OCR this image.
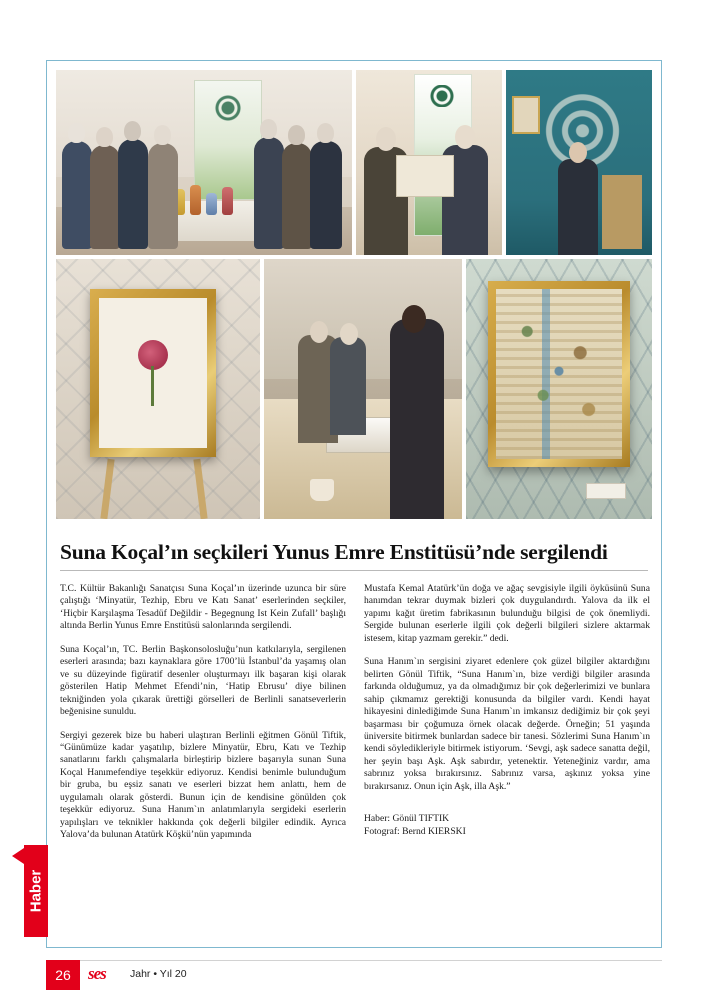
Suna Koçal’ın seçkileri Yunus Emre Enstitüsü’nde sergilendi

T.C. Kültür Bakanlığı Sanatçısı Suna Koçal’ın üzerinde uzunca bir süre çalıştığı ‘Minyatür, Tezhip, Ebru ve Katı Sanat’ eserlerinden seçkiler, ‘Hiçbir Karşılaşma Tesadüf Değildir - Begegnung Ist Kein Zufall’ başlığı altında Berlin Yunus Emre Enstitüsü salonlarında sergilendi.

Suna Koçal’ın, TC. Berlin Başkonsolosluğu’nun katkılarıyla, sergilenen eserleri arasında; bazı kaynaklara göre 1700’lü İstanbul’da yaşamış olan ve su düzeyinde figüratif desenler oluşturmayı ilk başaran kişi olarak gösterilen Hatip Mehmet Efendi’nin, ‘Hatip Ebrusu’ diye bilinen tekniğinden yola çıkarak ürettiği görselleri de Berlinli sanatseverlerin beğenisine sunuldu.

Sergiyi gezerek bize bu haberi ulaştıran Berlinli eğitmen Gönül Tiftik, “Günümüze kadar yaşatılıp, bizlere Minyatür, Ebru, Katı ve Tezhip sanatlarını farklı çalışmalarla birleştirip bizlere başarıyla sunan Suna Koçal Hanımefendiye teşekkür ediyoruz. Kendisi benimle bulunduğum bir gruba, bu eşsiz sanatı ve eserleri bizzat hem anlattı, hem de uygulamalı olarak gösterdi. Bunun için de kendisine gönülden çok teşekkür ediyoruz. Suna Hanım`ın anlatımlarıyla sergideki eserlerin yapılışları ve teknikler hakkında çok değerli bilgiler edindik. Ayrıca Yalova’da bulunan Atatürk Köşkü’nün yapımında

Mustafa Kemal Atatürk’ün doğa ve ağaç sevgisiyle ilgili öyküsünü Suna hanımdan tekrar duymak bizleri çok duygulandırdı. Yalova da ilk el yapımı kağıt üretim fabrikasının bulunduğu bilgisi de çok önemliydi. Sergide bulunan eserlerle ilgili çok değerli bilgileri sizlere aktarmak istesem, kitap yazmam gerekir.” dedi.

Suna Hanım`ın sergisini ziyaret edenlere çok güzel bilgiler aktardığını belirten Gönül Tiftik, “Suna Hanım`ın, bize verdiği bilgiler arasında farkında olduğumuz, ya da olmadığımız bir çok değerlerimizi ve bunlara sahip çıkmamız gerektiği konusunda da bilgiler vardı. Kendi hayat hikayesini dinlediğimde Suna Hanım`ın imkansız dediğimiz bir çok şeyi başarması bir çoğumuza örnek olacak değerde. Örneğin; 51 yaşında üniversite bitirmek bunlardan sadece bir tanesi. Sözlerimi Suna Hanım`ın kendi söyledikleriyle bitirmek istiyorum. ‘Sevgi, aşk sadece sanatta değil, her şeyin başı Aşk. Aşk sabırdır, yetenektir. Yeteneğiniz vardır, ama sabrınız yoksa bırakırsınız. Sabrınız varsa, aşkınız yoksa yine bırakırsanız. Onun için Aşk, illa Aşk.”

Haber: Gönül TIFTIK

Fotograf: Bernd KIERSKI

Haber
26	ses Jahr • Yıl 20
